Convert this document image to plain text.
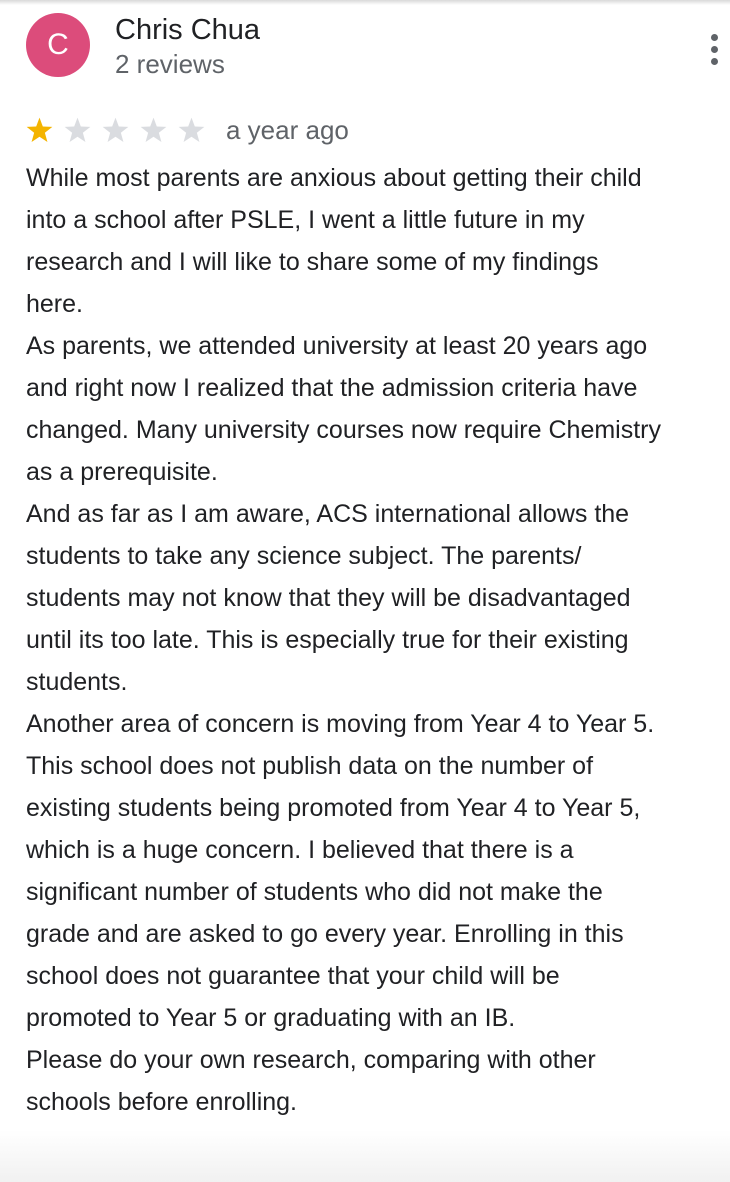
C	Chris Chua
2 reviews
a year ago

While most parents are anxious about getting their child
into a school after PSLE, I went a little future in my
research and I will like to share some of my findings
here.

As parents, we attended university at least 20 years ago
and right now I realized that the admission criteria have
changed. Many university courses now require Chemistry
as a prerequisite.

And as far as I am aware, ACS international allows the
students to take any science subject. The parents/
students may not know that they will be disadvantaged
until its too late. This is especially true for their existing
students.

Another area of concern is moving from Year 4 to Year 5.
This school does not publish data on the number of
existing students being promoted from Year 4 to Year 5,
which is a huge concern. I believed that there is a
significant number of students who did not make the
grade and are asked to go every year. Enrolling in this
school does not guarantee that your child will be
promoted to Year 5 or graduating with an IB.

Please do your own research, comparing with other
schools before enrolling.
